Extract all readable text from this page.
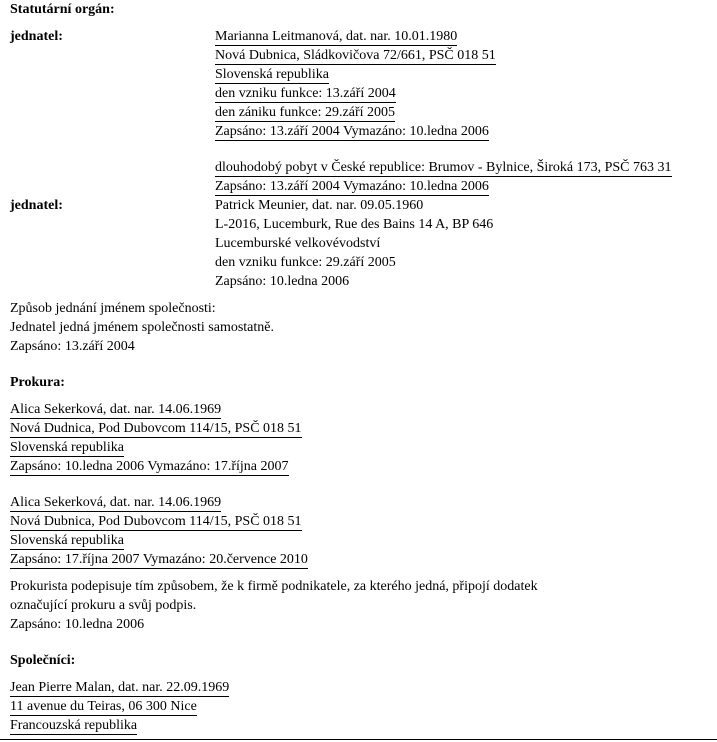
Statutární orgán:
jednatel:	Marianna Leitmanová, dat. nar. 10.01.1980
Nová Dubnica, Sládkovičova 72/661, PSČ 018 51
Slovenská republika
den vzniku funkce: 13.září 2004
den zániku funkce: 29.září 2005
Zapsáno: 13.září 2004 Vymazáno: 10.ledna 2006
dlouhodobý pobyt v České republice: Brumov - Bylnice, Široká 173, PSČ 763 31
Zapsáno: 13.září 2004 Vymazáno: 10.ledna 2006
jednatel:	Patrick Meunier, dat. nar. 09.05.1960
L-2016, Lucemburk, Rue des Bains 14 A, BP 646
Lucemburské velkovévodství
den vzniku funkce: 29.září 2005
Zapsáno: 10.ledna 2006
Způsob jednání jménem společnosti:
Jednatel jedná jménem společnosti samostatně.
Zapsáno: 13.září 2004
Prokura:
Alica Sekerková, dat. nar. 14.06.1969
Nová Dudnica, Pod Dubovcom 114/15, PSČ 018 51
Slovenská republika
Zapsáno: 10.ledna 2006 Vymazáno: 17.října 2007
Alica Sekerková, dat. nar. 14.06.1969
Nová Dubnica, Pod Dubovcom 114/15, PSČ 018 51
Slovenská republika
Zapsáno: 17.října 2007 Vymazáno: 20.července 2010
Prokurista podepisuje tím způsobem, že k firmě podnikatele, za kterého jedná, připojí dodatek
označující prokuru a svůj podpis.
Zapsáno: 10.ledna 2006
Společníci:
Jean Pierre Malan, dat. nar. 22.09.1969
11 avenue du Teiras, 06 300 Nice
Francouzská republika
